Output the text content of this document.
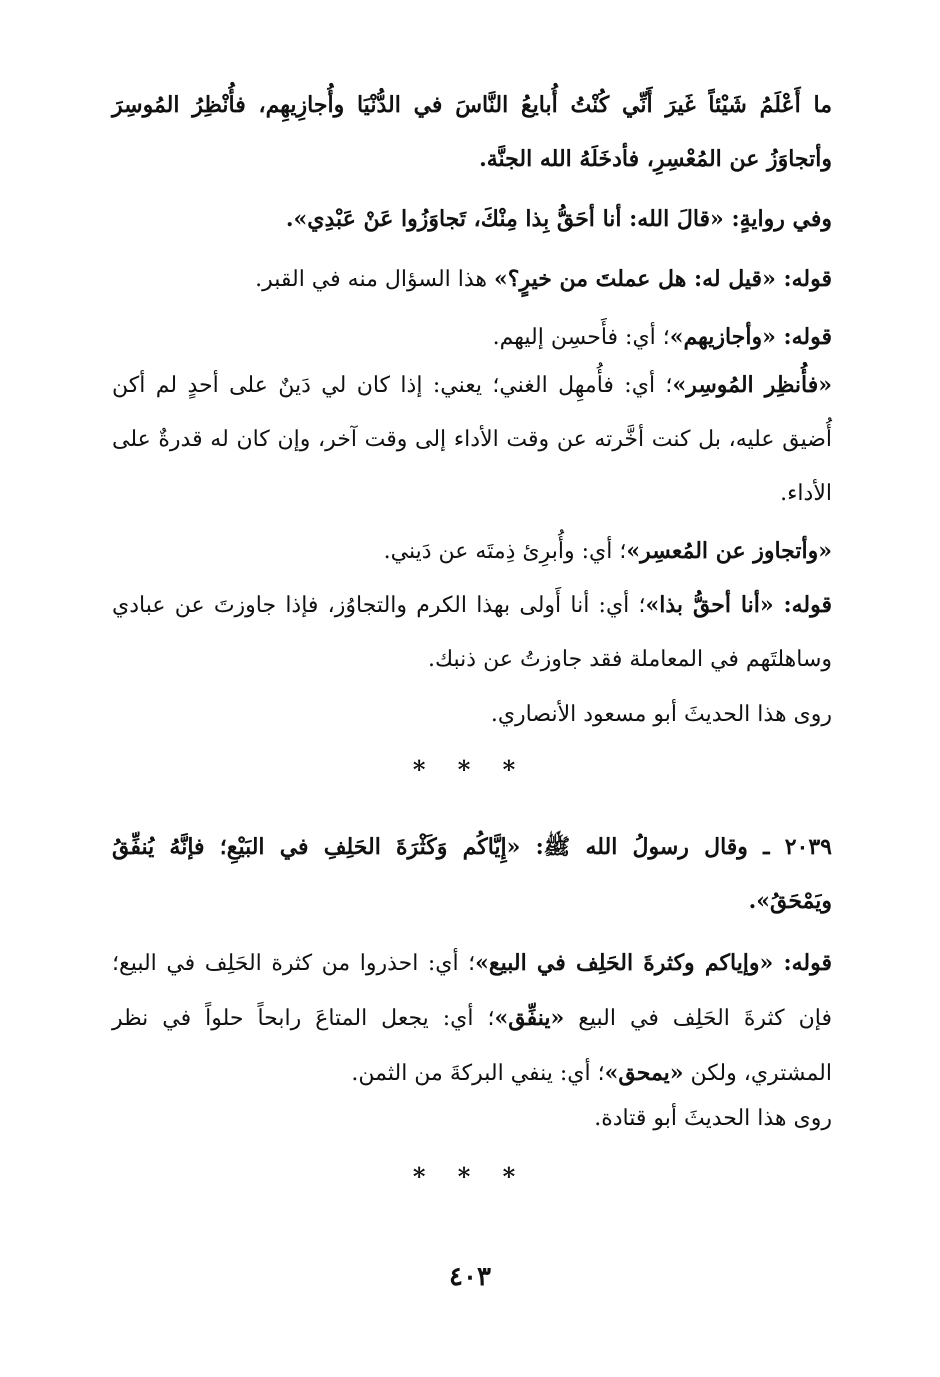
ما أَعْلَمُ شَيْئاً غَيرَ أَنِّي كُنْتُ أُبايعُ النَّاسَ في الدُّنْيَا وأُجازِيهِم، فأُنْظِرُ المُوسِرَ وأتجاوَزُ عن المُعْسِرِ، فأدخَلَهُ الله الجنَّة.

وفي روايةٍ: «قالَ الله: أنا أحَقُّ بِذا مِنْكَ، تَجاوَزُوا عَنْ عَبْدِي».

قوله: «قيل له: هل عملتَ من خيرٍ؟» هذا السؤال منه في القبر.

قوله: «وأجازيهم»؛ أي: فأَحسِن إليهم.

«فأُنظِر المُوسِر»؛ أي: فأُمهِل الغني؛ يعني: إذا كان لي دَينٌ على أحدٍ لم أكن أُضيق عليه، بل كنت أخَّرته عن وقت الأداء إلى وقت آخر، وإن كان له قدرةٌ على الأداء.

«وأتجاوز عن المُعسِر»؛ أي: وأُبرِئ ذِمتَه عن دَيني.

قوله: «أنا أحقُّ بذا»؛ أي: أنا أَولى بهذا الكرم والتجاوُز، فإذا جاوزتَ عن عبادي وساهلتَهم في المعاملة فقد جاوزتُ عن ذنبك.

روى هذا الحديثَ أبو مسعود الأنصاري.

* * *

٢٠٣٩ ـ وقال رسولُ الله ﷺ: «إِيَّاكُم وَكَثْرَةَ الحَلِفِ في البَيْعِ؛ فإنَّهُ يُنفِّقُ ويَمْحَقُ».

قوله: «وإياكم وكثرةَ الحَلِف في البيع»؛ أي: احذروا من كثرة الحَلِف في البيع؛ فإن كثرةَ الحَلِف في البيع «ينفِّق»؛ أي: يجعل المتاعَ رابحاً حلواً في نظر المشتري، ولكن «يمحق»؛ أي: ينفي البركةَ من الثمن.

روى هذا الحديثَ أبو قتادة.

* * *
٤٠٣
